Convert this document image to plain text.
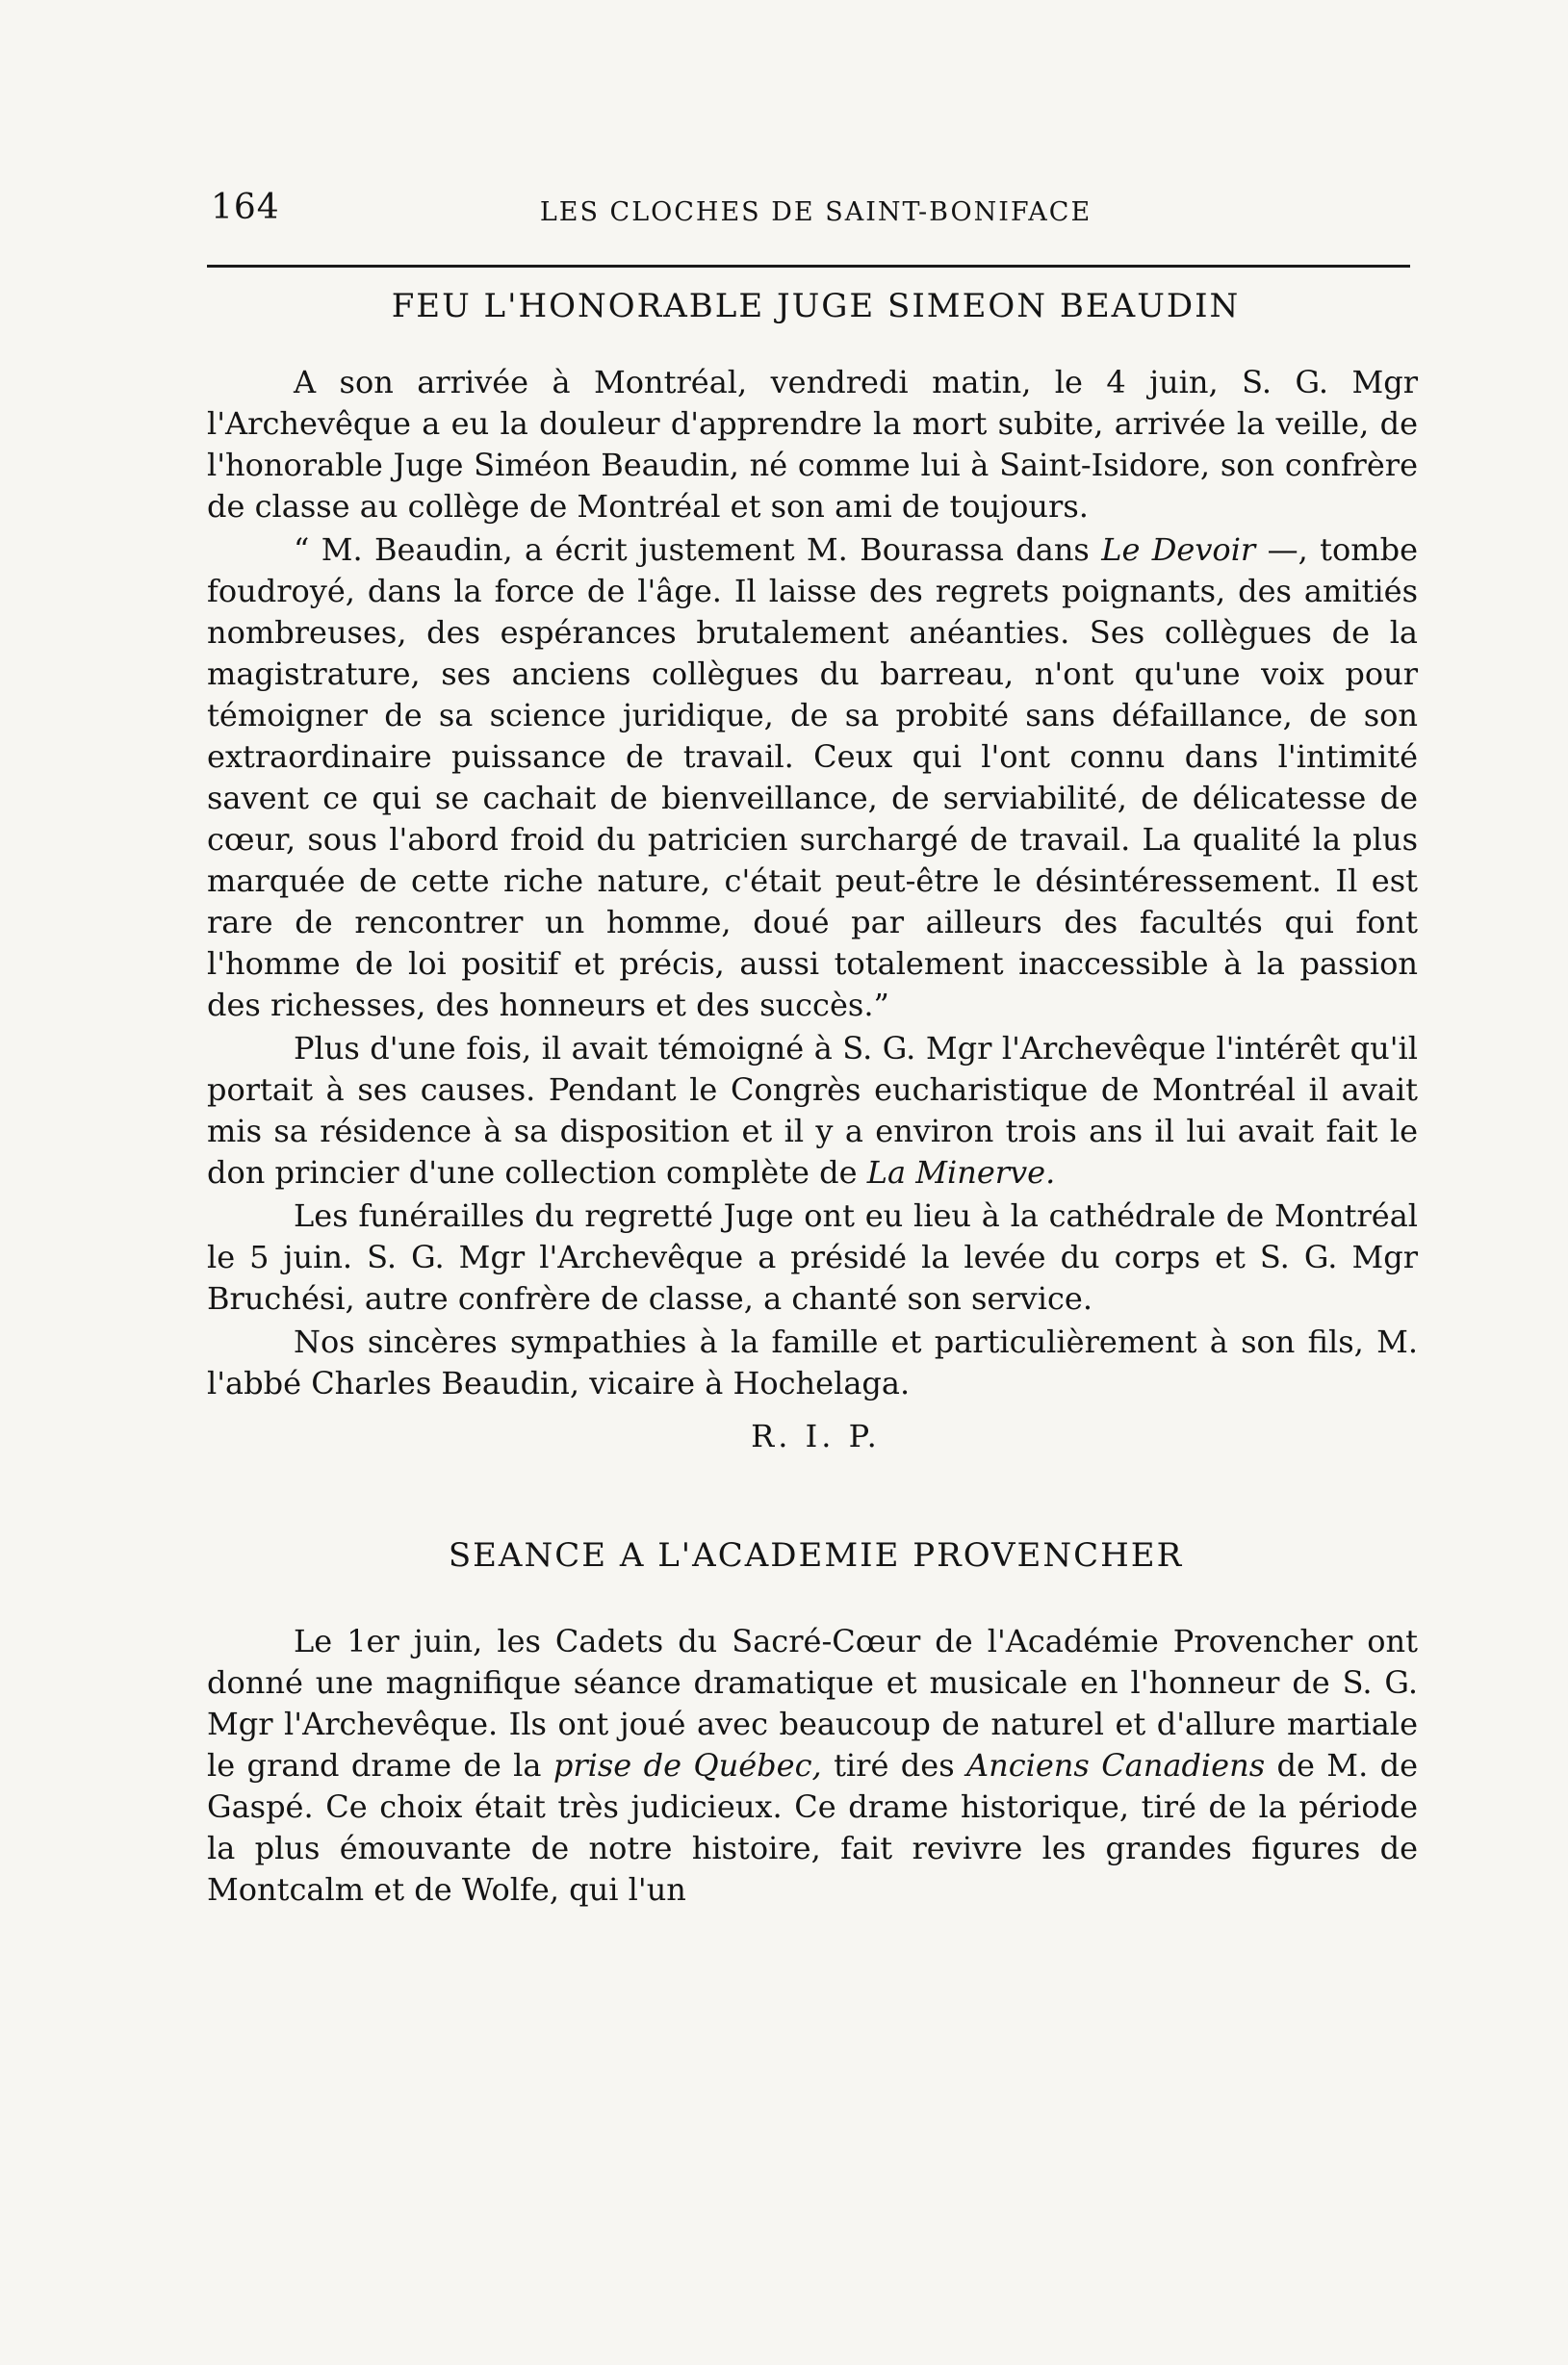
164	LES CLOCHES DE SAINT-BONIFACE
FEU L'HONORABLE JUGE SIMEON BEAUDIN

A son arrivée à Montréal, vendredi matin, le 4 juin, S. G. Mgr l'Archevêque a eu la douleur d'apprendre la mort subite, arrivée la veille, de l'honorable Juge Siméon Beaudin, né comme lui à Saint-Isidore, son confrère de classe au collège de Montréal et son ami de toujours.

“ M. Beaudin, a écrit justement M. Bourassa dans Le Devoir —, tombe foudroyé, dans la force de l'âge. Il laisse des regrets poignants, des amitiés nombreuses, des espérances brutalement anéanties. Ses collègues de la magistrature, ses anciens collègues du barreau, n'ont qu'une voix pour témoigner de sa science juridique, de sa probité sans défaillance, de son extraordinaire puissance de travail. Ceux qui l'ont connu dans l'intimité savent ce qui se cachait de bienveillance, de serviabilité, de délicatesse de cœur, sous l'abord froid du patricien surchargé de travail. La qualité la plus marquée de cette riche nature, c'était peut-être le désintéressement. Il est rare de rencontrer un homme, doué par ailleurs des facultés qui font l'homme de loi positif et précis, aussi totalement inaccessible à la passion des richesses, des honneurs et des succès.”

Plus d'une fois, il avait témoigné à S. G. Mgr l'Archevêque l'intérêt qu'il portait à ses causes. Pendant le Congrès eucharistique de Montréal il avait mis sa résidence à sa disposition et il y a environ trois ans il lui avait fait le don princier d'une collection complète de La Minerve.

Les funérailles du regretté Juge ont eu lieu à la cathédrale de Montréal le 5 juin. S. G. Mgr l'Archevêque a présidé la levée du corps et S. G. Mgr Bruchési, autre confrère de classe, a chanté son service.

Nos sincères sympathies à la famille et particulièrement à son fils, M. l'abbé Charles Beaudin, vicaire à Hochelaga.

R. I. P.
SEANCE A L'ACADEMIE PROVENCHER

Le 1er juin, les Cadets du Sacré-Cœur de l'Académie Provencher ont donné une magnifique séance dramatique et musicale en l'honneur de S. G. Mgr l'Archevêque. Ils ont joué avec beaucoup de naturel et d'allure martiale le grand drame de la prise de Québec, tiré des Anciens Canadiens de M. de Gaspé. Ce choix était très judicieux. Ce drame historique, tiré de la période la plus émouvante de notre histoire, fait revivre les grandes figures de Montcalm et de Wolfe, qui l'un
